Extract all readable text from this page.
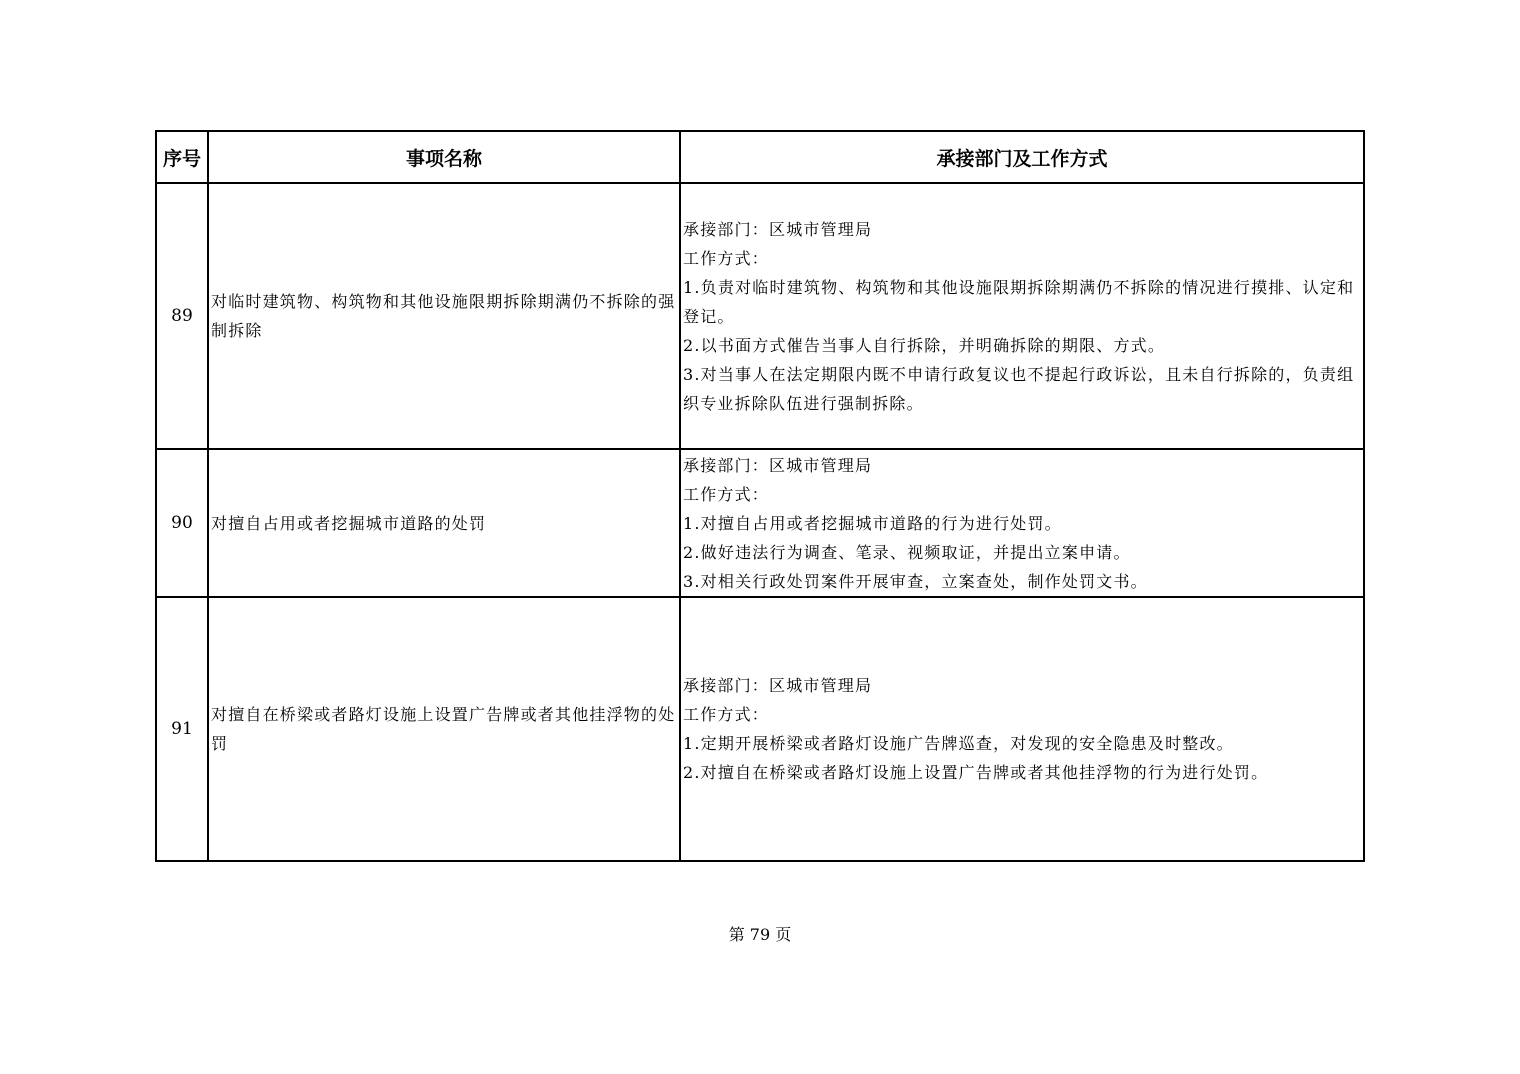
序号	事项名称	承接部门及工作方式
89	对临时建筑物、构筑物和其他设施限期拆除期满仍不拆除的强制拆除	承接部门：区城市管理局
工作方式：
1.负责对临时建筑物、构筑物和其他设施限期拆除期满仍不拆除的情况进行摸排、认定和登记。
2.以书面方式催告当事人自行拆除，并明确拆除的期限、方式。
3.对当事人在法定期限内既不申请行政复议也不提起行政诉讼，且未自行拆除的，负责组织专业拆除队伍进行强制拆除。

90	对擅自占用或者挖掘城市道路的处罚	承接部门：区城市管理局
工作方式：
1.对擅自占用或者挖掘城市道路的行为进行处罚。
2.做好违法行为调查、笔录、视频取证，并提出立案申请。
3.对相关行政处罚案件开展审查，立案查处，制作处罚文书。

91	对擅自在桥梁或者路灯设施上设置广告牌或者其他挂浮物的处罚	承接部门：区城市管理局
工作方式：
1.定期开展桥梁或者路灯设施广告牌巡查，对发现的安全隐患及时整改。
2.对擅自在桥梁或者路灯设施上设置广告牌或者其他挂浮物的行为进行处罚。
第 79 页
